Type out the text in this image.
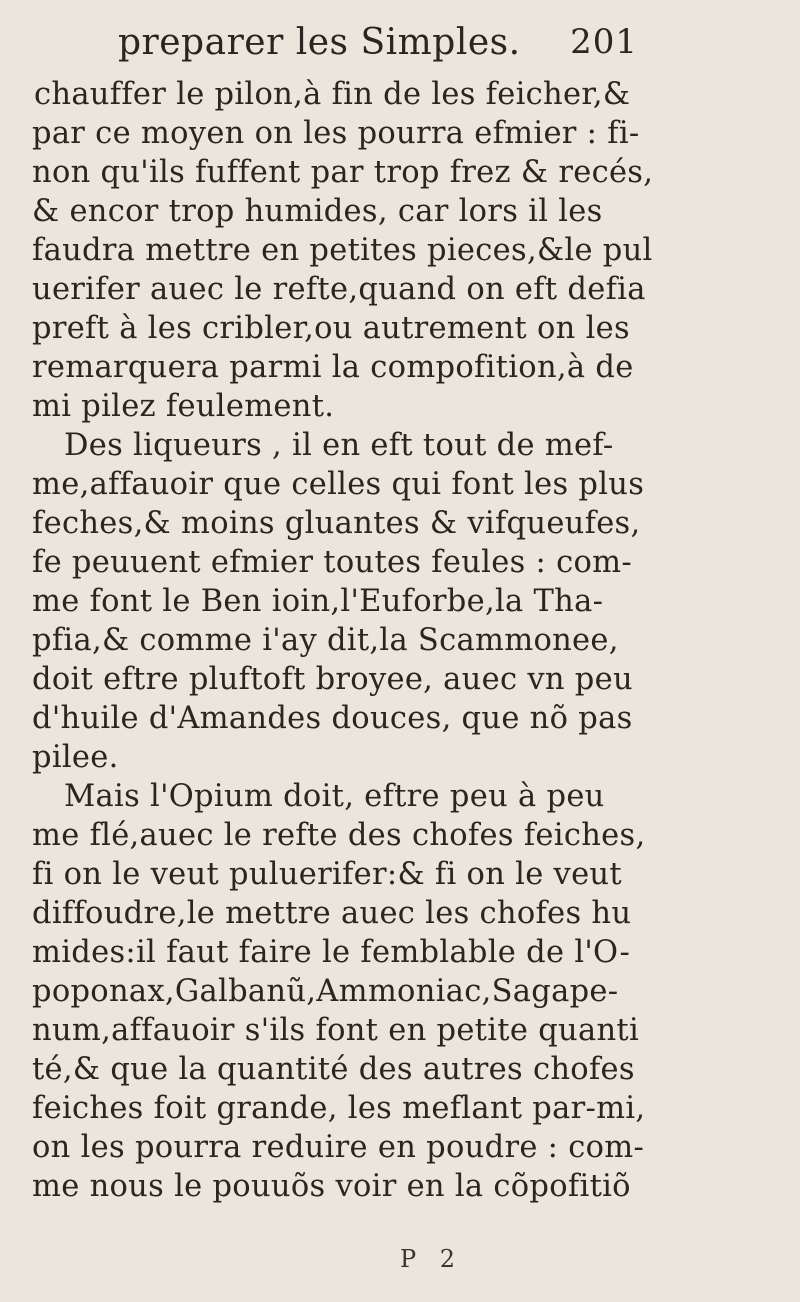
preparer les Simples. 201
chauffer le pilon,à fin de les feicher,&
par ce moyen on les pourra efmier : fi-
non qu'ils fuffent par trop frez & recés,
& encor trop humides, car lors il les
faudra mettre en petites pieces,&le pul
uerifer auec le refte,quand on eft defia
preft à les cribler,ou autrement on les
remarquera parmi la compofition,à de
mi pilez feulement.
Des liqueurs , il en eft tout de mef-
me,affauoir que celles qui font les plus
feches,& moins gluantes & vifqueufes,
fe peuuent efmier toutes feules : com-
me font le Ben ioin,l'Euforbe,la Tha-
pfia,& comme i'ay dit,la Scammonee,
doit eftre pluftoft broyee, auec vn peu
d'huile d'Amandes douces, que nõ pas
pilee.
Mais l'Opium doit, eftre peu à peu
me flé,auec le refte des chofes feiches,
fi on le veut puluerifer:& fi on le veut
diffoudre,le mettre auec les chofes hu
mides:il faut faire le femblable de l'O-
poponax,Galbanũ,Ammoniac,Sagape-
num,affauoir s'ils font en petite quanti
té,& que la quantité des autres chofes
feiches foit grande, les meflant par-mi,
on les pourra reduire en poudre : com-
me nous le pouuõs voir en la cõpofitiõ
P 2
